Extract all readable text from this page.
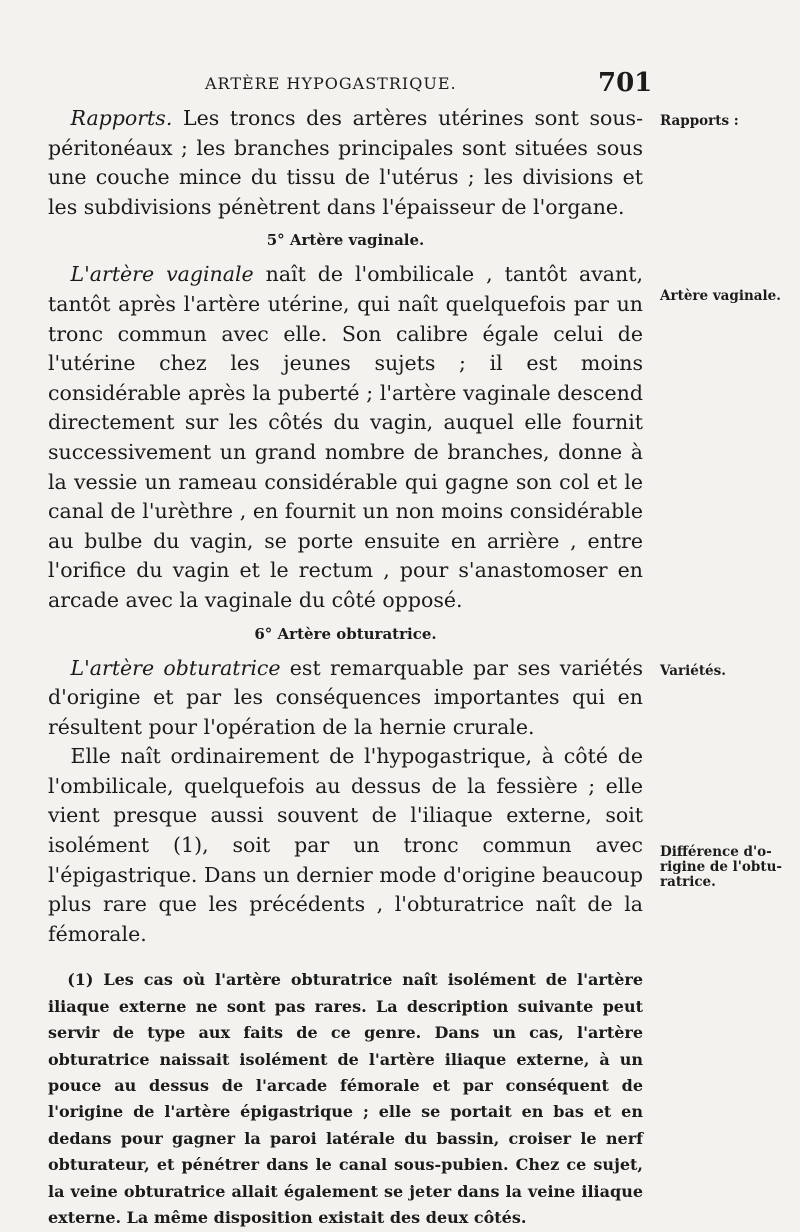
ARTÈRE HYPOGASTRIQUE.	701

Rapports. Les troncs des artères utérines sont sous-péritonéaux ; les branches principales sont situées sous une couche mince du tissu de l'utérus ; les divisions et les subdivisions pénètrent dans l'épaisseur de l'organe.

5° Artère vaginale.

L'artère vaginale naît de l'ombilicale , tantôt avant, tantôt après l'artère utérine, qui naît quelquefois par un tronc commun avec elle. Son calibre égale celui de l'utérine chez les jeunes sujets ; il est moins considérable après la puberté ; l'artère vaginale descend directement sur les côtés du vagin, auquel elle fournit successivement un grand nombre de branches, donne à la vessie un rameau considérable qui gagne son col et le canal de l'urèthre , en fournit un non moins considérable au bulbe du vagin, se porte ensuite en arrière , entre l'orifice du vagin et le rectum , pour s'anastomoser en arcade avec la vaginale du côté opposé.

6° Artère obturatrice.

L'artère obturatrice est remarquable par ses variétés d'origine et par les conséquences importantes qui en résultent pour l'opération de la hernie crurale.

Elle naît ordinairement de l'hypogastrique, à côté de l'ombilicale, quelquefois au dessus de la fessière ; elle vient presque aussi souvent de l'iliaque externe, soit isolément (1), soit par un tronc commun avec l'épigastrique. Dans un dernier mode d'origine beaucoup plus rare que les précédents , l'obturatrice naît de la fémorale.

(1) Les cas où l'artère obturatrice naît isolément de l'artère iliaque externe ne sont pas rares. La description suivante peut servir de type aux faits de ce genre. Dans un cas, l'artère obturatrice naissait isolément de l'artère iliaque externe, à un pouce au dessus de l'arcade fémorale et par conséquent de l'origine de l'artère épigastrique ; elle se portait en bas et en dedans pour gagner la paroi latérale du bassin, croiser le nerf obturateur, et pénétrer dans le canal sous-pubien. Chez ce sujet, la veine obturatrice allait également se jeter dans la veine iliaque externe. La même disposition existait des deux côtés.

Rapports :

Artère vaginale.

Variétés.

Différence d'origine de l'obturatrice.
